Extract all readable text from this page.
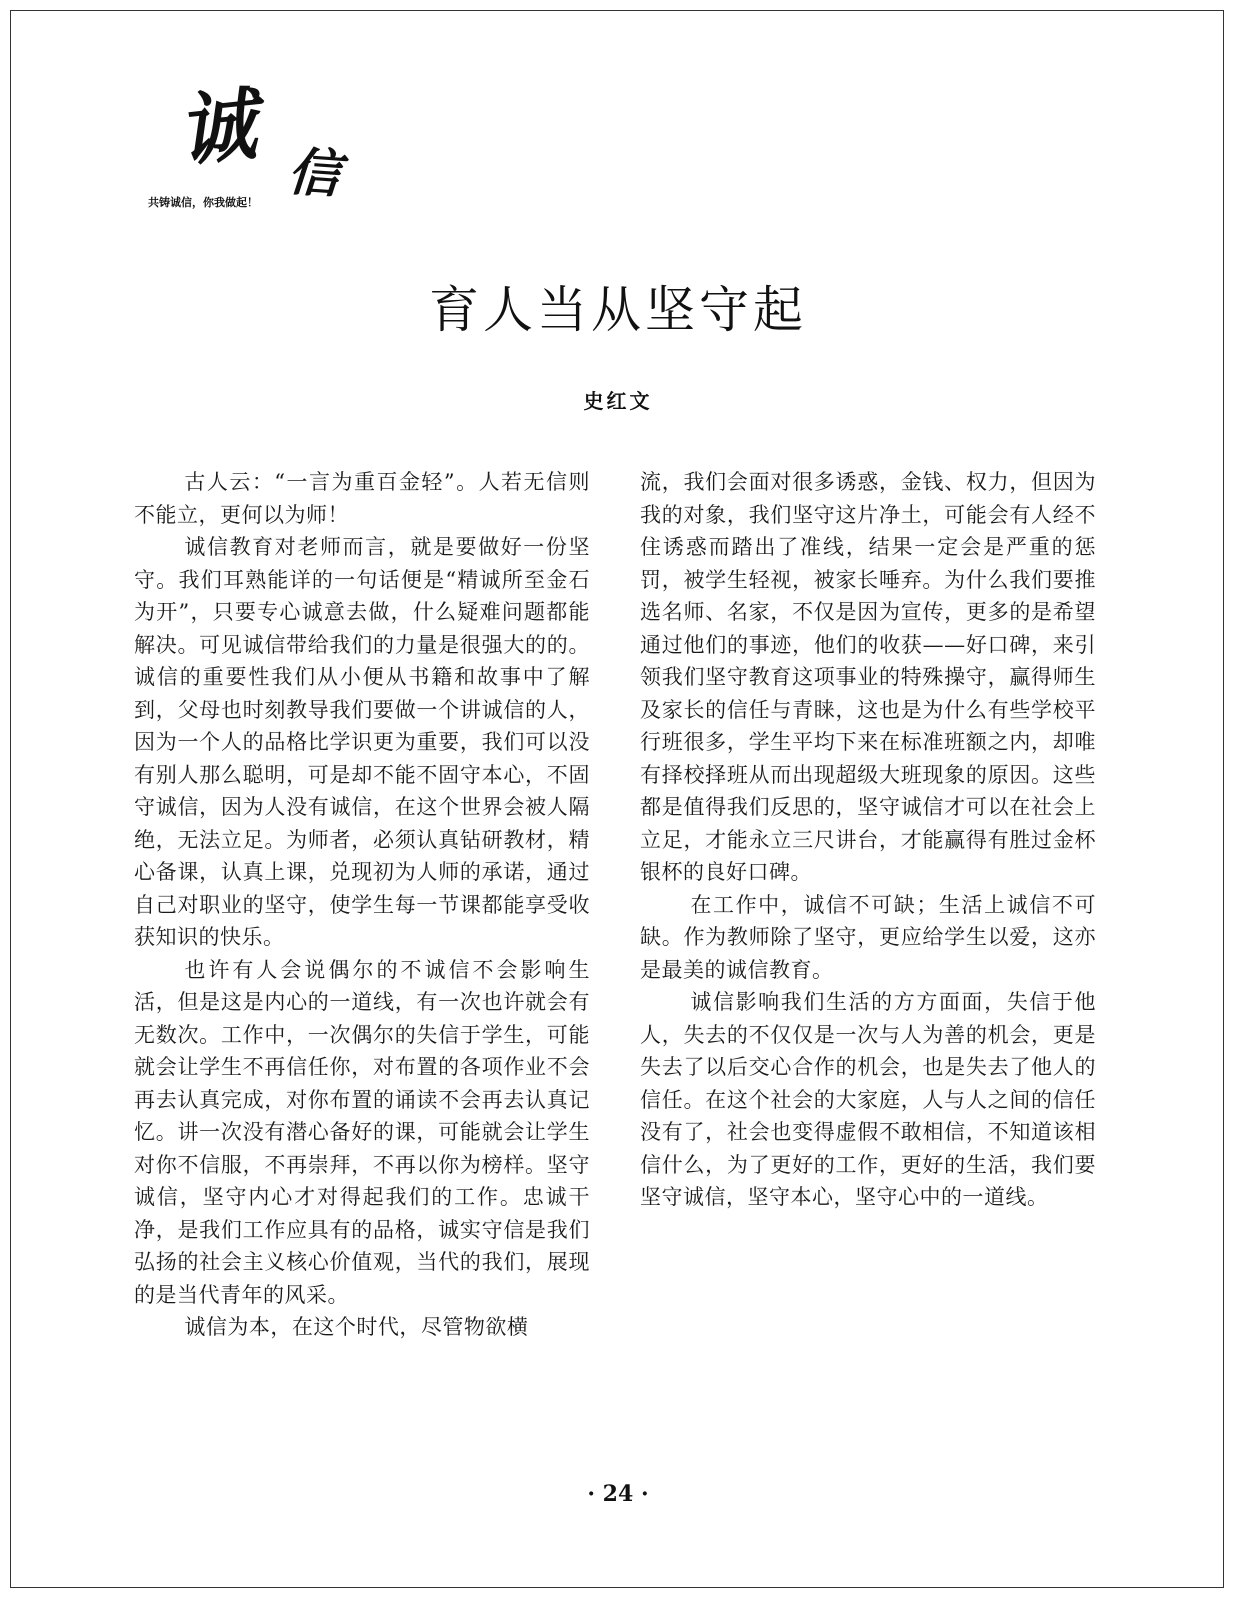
诚 信
共铸诚信，你我做起！
育人当从坚守起
史红文

古人云：“一言为重百金轻”。人若无信则不能立，更何以为师！

诚信教育对老师而言，就是要做好一份坚守。我们耳熟能详的一句话便是“精诚所至金石为开”，只要专心诚意去做，什么疑难问题都能解决。可见诚信带给我们的力量是很强大的的。诚信的重要性我们从小便从书籍和故事中了解到，父母也时刻教导我们要做一个讲诚信的人，因为一个人的品格比学识更为重要，我们可以没有别人那么聪明，可是却不能不固守本心，不固守诚信，因为人没有诚信，在这个世界会被人隔绝，无法立足。为师者，必须认真钻研教材，精心备课，认真上课，兑现初为人师的承诺，通过自己对职业的坚守，使学生每一节课都能享受收获知识的快乐。

也许有人会说偶尔的不诚信不会影响生活，但是这是内心的一道线，有一次也许就会有无数次。工作中，一次偶尔的失信于学生，可能就会让学生不再信任你，对布置的各项作业不会再去认真完成，对你布置的诵读不会再去认真记忆。讲一次没有潜心备好的课，可能就会让学生对你不信服，不再崇拜，不再以你为榜样。坚守诚信，坚守内心才对得起我们的工作。忠诚干净，是我们工作应具有的品格，诚实守信是我们弘扬的社会主义核心价值观，当代的我们，展现的是当代青年的风采。

诚信为本，在这个时代，尽管物欲横

流，我们会面对很多诱惑，金钱、权力，但因为我的对象，我们坚守这片净土，可能会有人经不住诱惑而踏出了准线，结果一定会是严重的惩罚，被学生轻视，被家长唾弃。为什么我们要推选名师、名家，不仅是因为宣传，更多的是希望通过他们的事迹，他们的收获——好口碑，来引领我们坚守教育这项事业的特殊操守，赢得师生及家长的信任与青睐，这也是为什么有些学校平行班很多，学生平均下来在标准班额之内，却唯有择校择班从而出现超级大班现象的原因。这些都是值得我们反思的，坚守诚信才可以在社会上立足，才能永立三尺讲台，才能赢得有胜过金杯银杯的良好口碑。

在工作中，诚信不可缺；生活上诚信不可缺。作为教师除了坚守，更应给学生以爱，这亦是最美的诚信教育。

诚信影响我们生活的方方面面，失信于他人，失去的不仅仅是一次与人为善的机会，更是失去了以后交心合作的机会，也是失去了他人的信任。在这个社会的大家庭，人与人之间的信任没有了，社会也变得虚假不敢相信，不知道该相信什么，为了更好的工作，更好的生活，我们要坚守诚信，坚守本心，坚守心中的一道线。

· 24 ·
